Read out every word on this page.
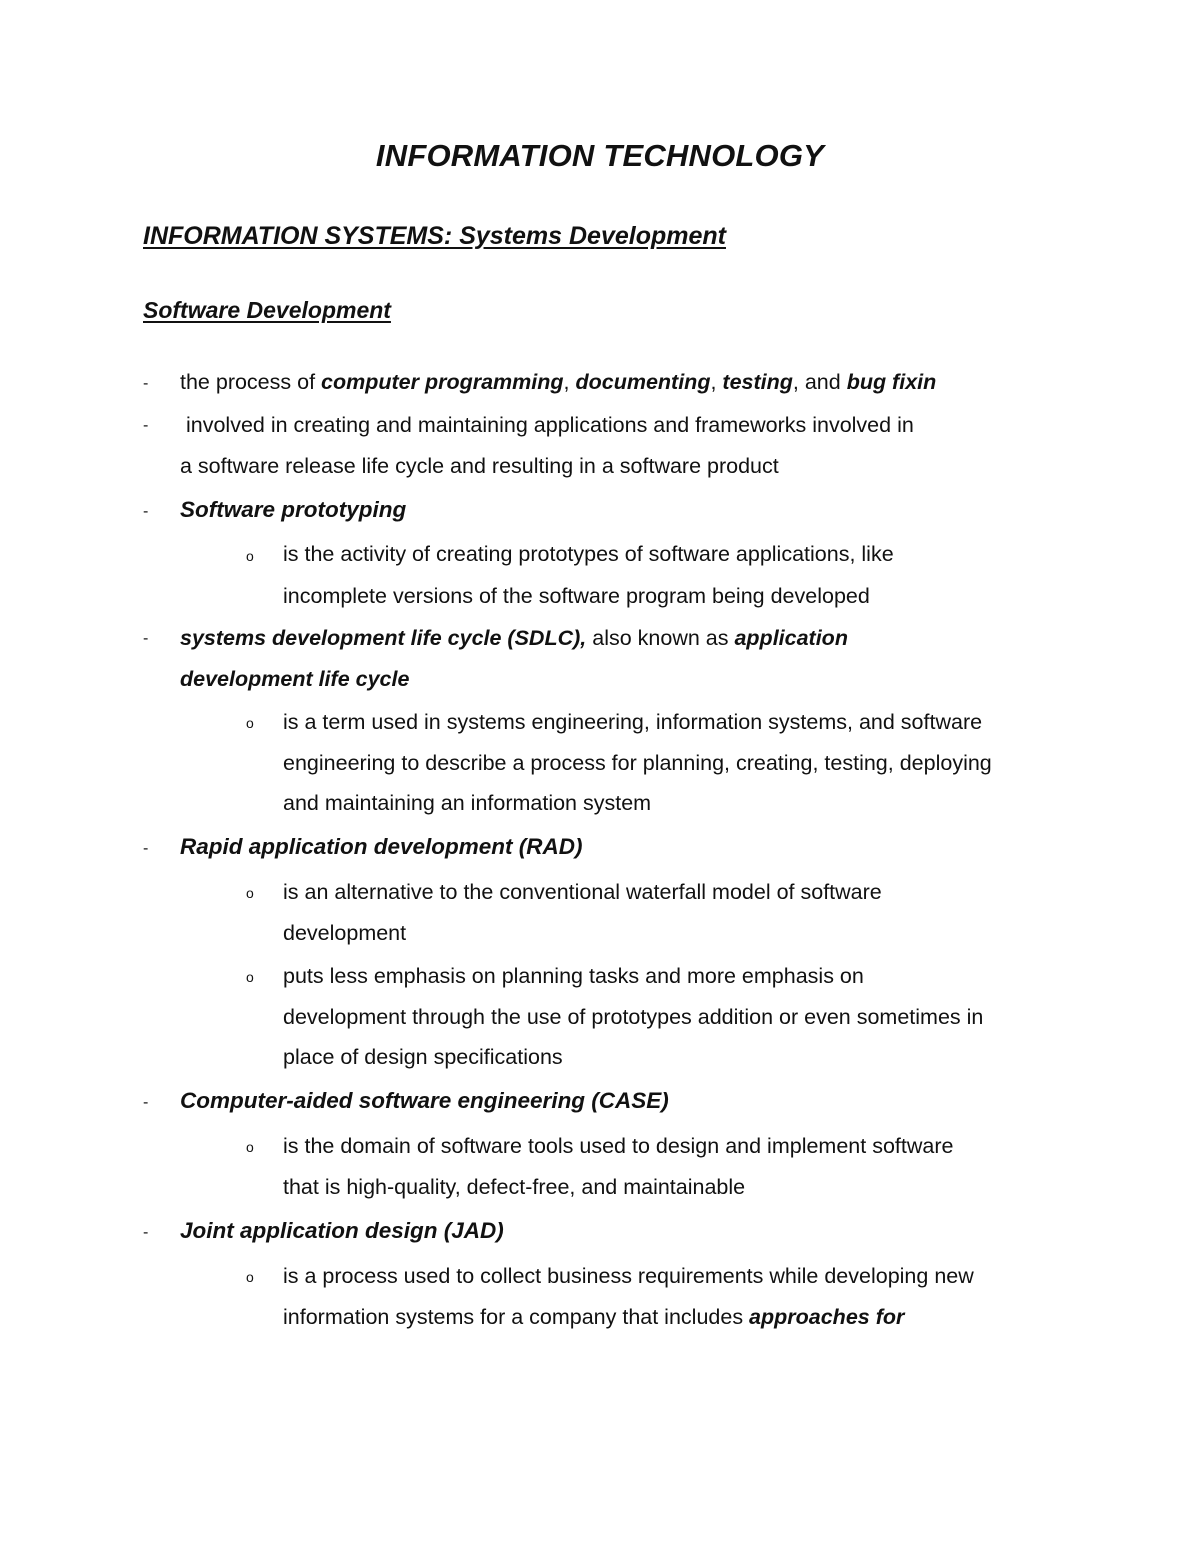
INFORMATION TECHNOLOGY
INFORMATION SYSTEMS: Systems Development
Software Development

- the process of computer programming, documenting, testing, and bug fixin

- involved in creating and maintaining applications and frameworks involved in

a software release life cycle and resulting in a software product

- Software prototyping

o is the activity of creating prototypes of software applications, like

incomplete versions of the software program being developed

- systems development life cycle (SDLC), also known as application

development life cycle

o is a term used in systems engineering, information systems, and software

engineering to describe a process for planning, creating, testing, deploying

and maintaining an information system

- Rapid application development (RAD)

o is an alternative to the conventional waterfall model of software

development

o puts less emphasis on planning tasks and more emphasis on

development through the use of prototypes addition or even sometimes in

place of design specifications

- Computer-aided software engineering (CASE)

o is the domain of software tools used to design and implement software

that is high-quality, defect-free, and maintainable

- Joint application design (JAD)

o is a process used to collect business requirements while developing new

information systems for a company that includes approaches for
